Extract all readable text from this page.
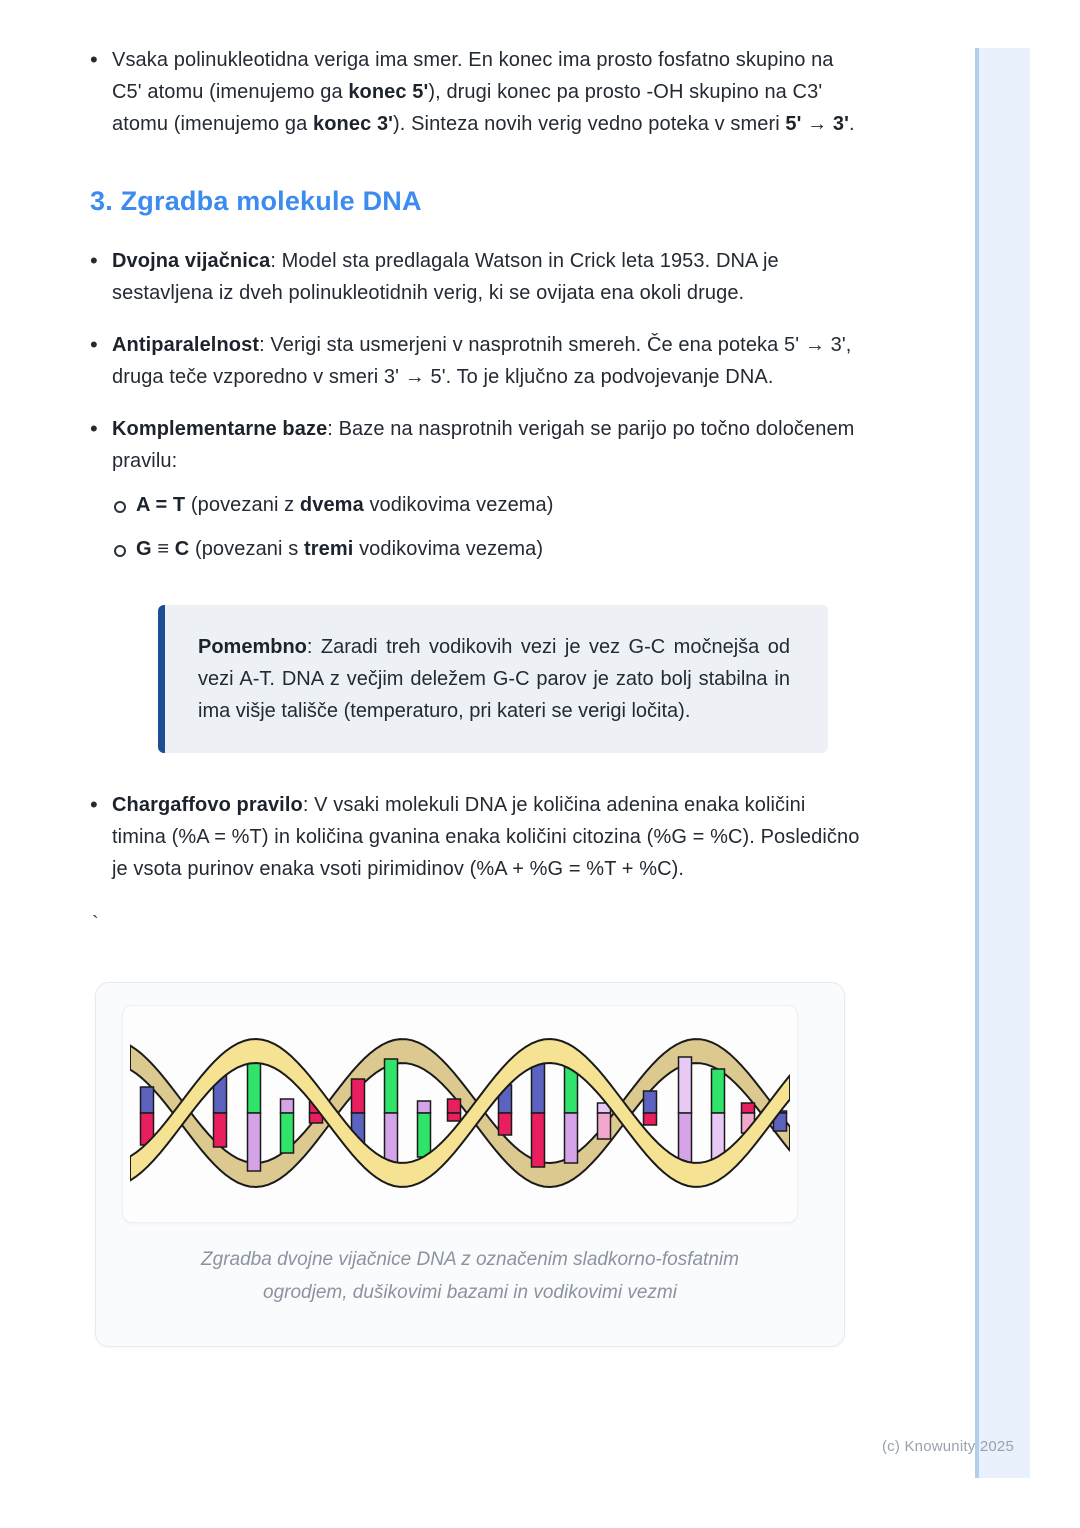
• Vsaka polinukleotidna veriga ima smer. En konec ima prosto fosfatno skupino na C5' atomu (imenujemo ga konec 5'), drugi konec pa prosto -OH skupino na C3' atomu (imenujemo ga konec 3'). Sinteza novih verig vedno poteka v smeri 5' → 3'.
3. Zgradba molekule DNA
• Dvojna vijačnica: Model sta predlagala Watson in Crick leta 1953. DNA je sestavljena iz dveh polinukleotidnih verig, ki se ovijata ena okoli druge.
• Antiparalelnost: Verigi sta usmerjeni v nasprotnih smereh. Če ena poteka 5' → 3', druga teče vzporedno v smeri 3' → 5'. To je ključno za podvojevanje DNA.
• Komplementarne baze: Baze na nasprotnih verigah se parijo po točno določenem pravilu:
A = T (povezani z dvema vodikovima vezema)
G ≡ C (povezani s tremi vodikovima vezema)
Pomembno: Zaradi treh vodikovih vezi je vez G-C močnejša od vezi A-T. DNA z večjim deležem G-C parov je zato bolj stabilna in ima višje tališče (temperaturo, pri kateri se verigi ločita).
• Chargaffovo pravilo: V vsaki molekuli DNA je količina adenina enaka količini timina (%A = %T) in količina gvanina enaka količini citozina (%G = %C). Posledično je vsota purinov enaka vsoti pirimidinov (%A + %G = %T + %C).
`
Zgradba dvojne vijačnice DNA z označenim sladkorno-fosfatnim ogrodjem, dušikovimi bazami in vodikovimi vezmi
(c) Knowunity 2025
